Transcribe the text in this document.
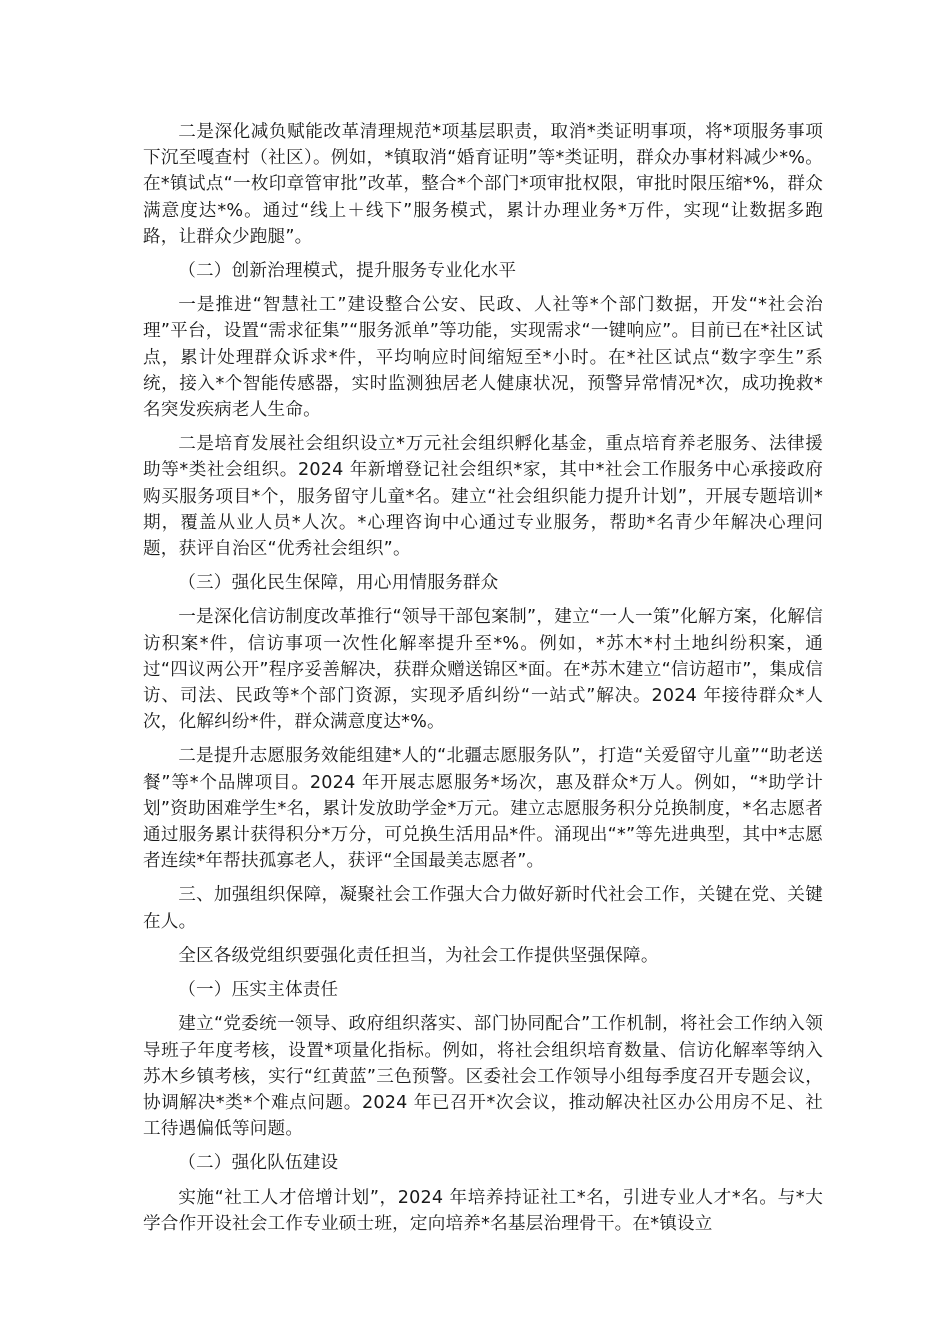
二是深化减负赋能改革清理规范*项基层职责，取消*类证明事项，将*项服务事项下沉至嘎查村（社区）。例如，*镇取消“婚育证明”等*类证明，群众办事材料减少*%。在*镇试点“一枚印章管审批”改革，整合*个部门*项审批权限，审批时限压缩*%，群众满意度达*%。通过“线上＋线下”服务模式，累计办理业务*万件，实现“让数据多跑路，让群众少跑腿”。

（二）创新治理模式，提升服务专业化水平

一是推进“智慧社工”建设整合公安、民政、人社等*个部门数据，开发“*社会治理”平台，设置“需求征集”“服务派单”等功能，实现需求“一键响应”。目前已在*社区试点，累计处理群众诉求*件，平均响应时间缩短至*小时。在*社区试点“数字孪生”系统，接入*个智能传感器，实时监测独居老人健康状况，预警异常情况*次，成功挽救*名突发疾病老人生命。

二是培育发展社会组织设立*万元社会组织孵化基金，重点培育养老服务、法律援助等*类社会组织。2024 年新增登记社会组织*家，其中*社会工作服务中心承接政府购买服务项目*个，服务留守儿童*名。建立“社会组织能力提升计划”，开展专题培训*期，覆盖从业人员*人次。*心理咨询中心通过专业服务，帮助*名青少年解决心理问题，获评自治区“优秀社会组织”。

（三）强化民生保障，用心用情服务群众

一是深化信访制度改革推行“领导干部包案制”，建立“一人一策”化解方案，化解信访积案*件，信访事项一次性化解率提升至*%。例如，*苏木*村土地纠纷积案，通过“四议两公开”程序妥善解决，获群众赠送锦区*面。在*苏木建立“信访超市”，集成信访、司法、民政等*个部门资源，实现矛盾纠纷“一站式”解决。2024 年接待群众*人次，化解纠纷*件，群众满意度达*%。

二是提升志愿服务效能组建*人的“北疆志愿服务队”，打造“关爱留守儿童”“助老送餐”等*个品牌项目。2024 年开展志愿服务*场次，惠及群众*万人。例如，“*助学计划”资助困难学生*名，累计发放助学金*万元。建立志愿服务积分兑换制度，*名志愿者通过服务累计获得积分*万分，可兑换生活用品*件。涌现出“*”等先进典型，其中*志愿者连续*年帮扶孤寡老人，获评“全国最美志愿者”。

三、加强组织保障，凝聚社会工作强大合力做好新时代社会工作，关键在党、关键在人。

全区各级党组织要强化责任担当，为社会工作提供坚强保障。

（一）压实主体责任

建立“党委统一领导、政府组织落实、部门协同配合”工作机制，将社会工作纳入领导班子年度考核，设置*项量化指标。例如，将社会组织培育数量、信访化解率等纳入苏木乡镇考核，实行“红黄蓝”三色预警。区委社会工作领导小组每季度召开专题会议，协调解决*类*个难点问题。2024 年已召开*次会议，推动解决社区办公用房不足、社工待遇偏低等问题。

（二）强化队伍建设

实施“社工人才倍增计划”，2024 年培养持证社工*名，引进专业人才*名。与*大学合作开设社会工作专业硕士班，定向培养*名基层治理骨干。在*镇设立
